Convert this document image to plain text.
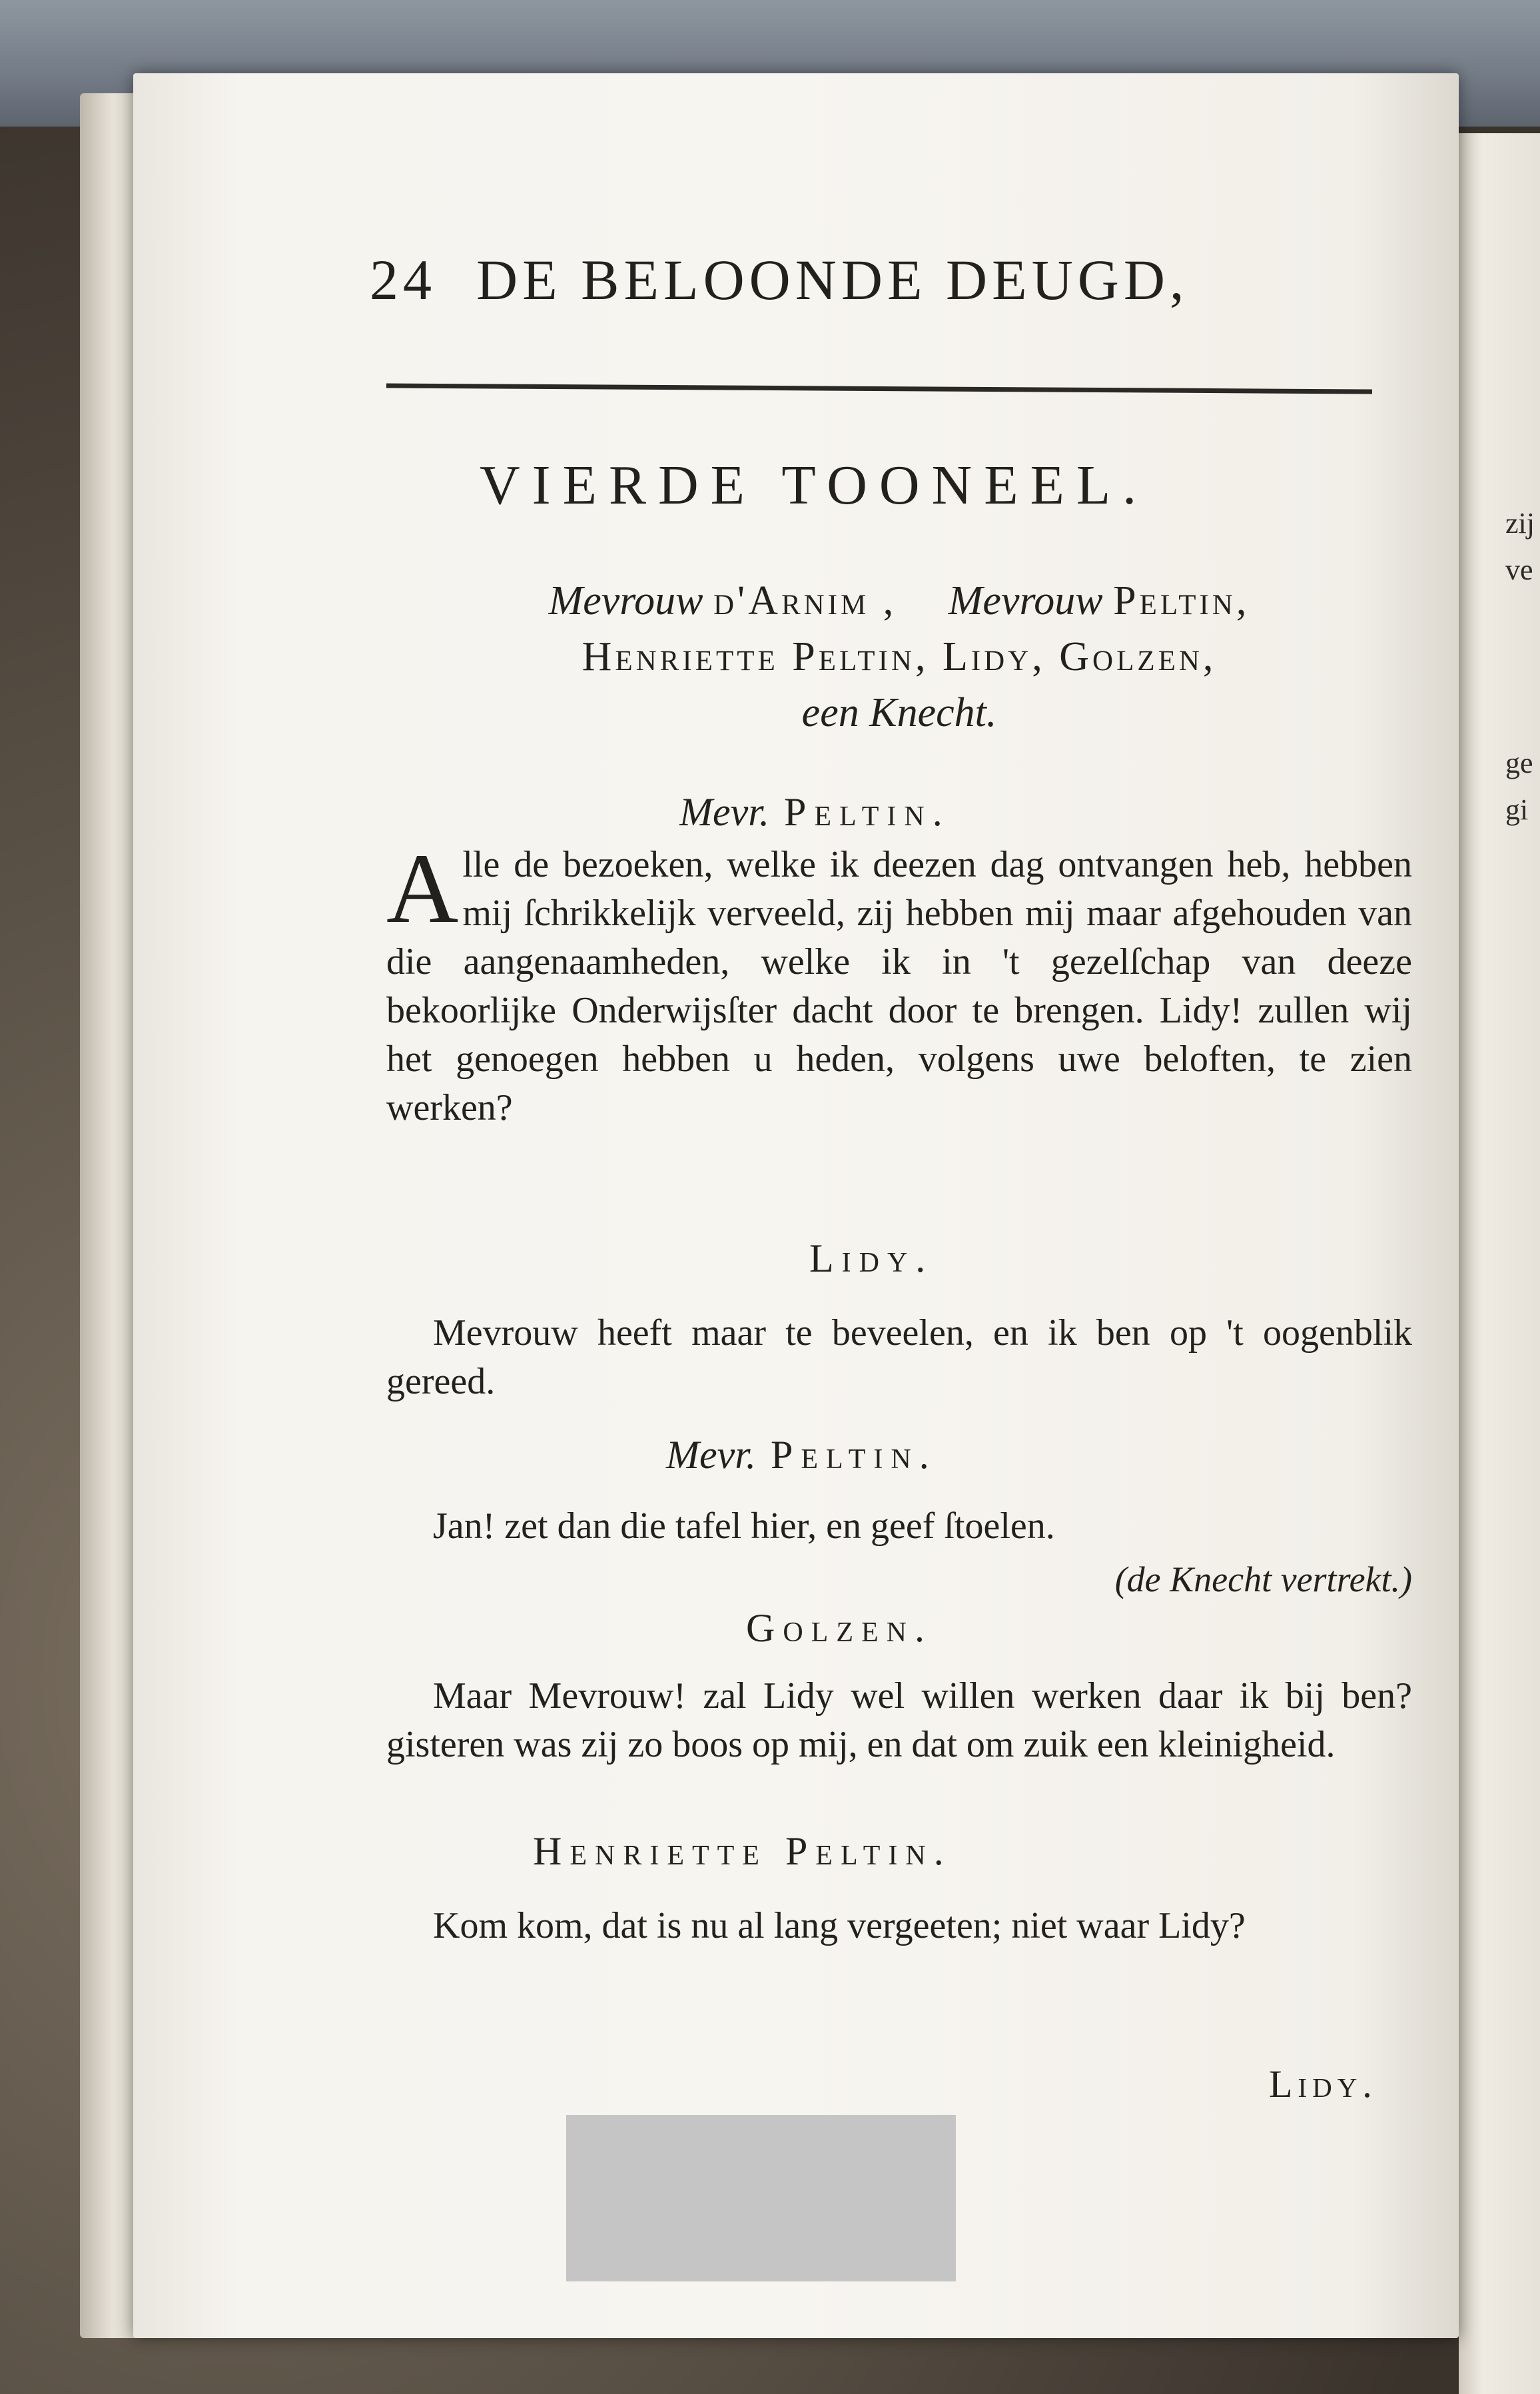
zij
ve
ge
gi
24 DE BELOONDE DEUGD,
VIERDE TOONEEL.
Mevrouw d'Arnim , Mevrouw Peltin,
Henriette Peltin, Lidy, Golzen,
een Knecht.
Mevr. Peltin.
Alle de bezoeken, welke ik deezen dag ontvangen heb, hebben mij ſchrikkelijk verveeld, zij hebben mij maar afgehouden van die aangenaamheden, welke ik in 't gezelſchap van deeze bekoorlijke Onderwijsſter dacht door te brengen. Lidy! zullen wij het genoegen hebben u heden, volgens uwe beloften, te zien werken?
Lidy.
Mevrouw heeft maar te beveelen, en ik ben op 't oogenblik gereed.
Mevr. Peltin.
Jan! zet dan die tafel hier, en geef ſtoelen.
(de Knecht vertrekt.)
Golzen.
Maar Mevrouw! zal Lidy wel willen werken daar ik bij ben? gisteren was zij zo boos op mij, en dat om zuik een kleinigheid.
Henriette Peltin.
Kom kom, dat is nu al lang vergeeten; niet waar Lidy?
Lidy.
